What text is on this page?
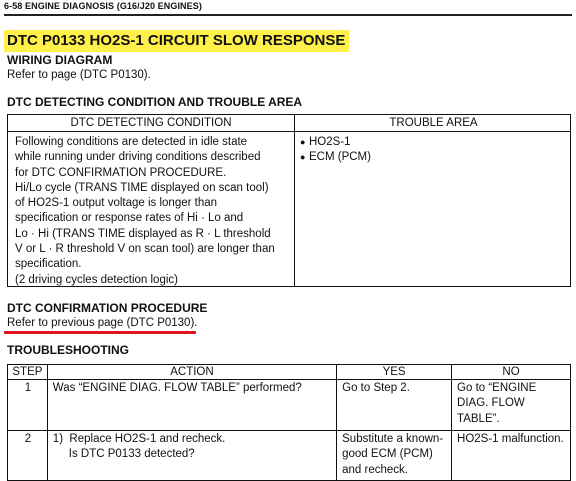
6-58 ENGINE DIAGNOSIS (G16/J20 ENGINES)
DTC P0133 HO2S-1 CIRCUIT SLOW RESPONSE
WIRING DIAGRAM
Refer to page (DTC P0130).
DTC DETECTING CONDITION AND TROUBLE AREA
DTC DETECTING CONDITION	TROUBLE AREA
Following conditions are detected in idle state
while running under driving conditions described
for DTC CONFIRMATION PROCEDURE.
Hi/Lo cycle (TRANS TIME displayed on scan tool)
of HO2S-1 output voltage is longer than
specification or response rates of Hi · Lo and
Lo · Hi (TRANS TIME displayed as R · L threshold
V or L · R threshold V on scan tool) are longer than
specification.
(2 driving cycles detection logic)
● HO2S-1
● ECM (PCM)
DTC CONFIRMATION PROCEDURE
Refer to previous page (DTC P0130).
TROUBLESHOOTING
STEP	ACTION	YES	NO
1	Was “ENGINE DIAG. FLOW TABLE” performed?	Go to Step 2.	Go to “ENGINE
DIAG. FLOW
TABLE”.

2	1)  Replace HO2S-1 and recheck.
Is DTC P0133 detected?	Substitute a known-
good ECM (PCM)
and recheck.	HO2S-1 malfunction.
